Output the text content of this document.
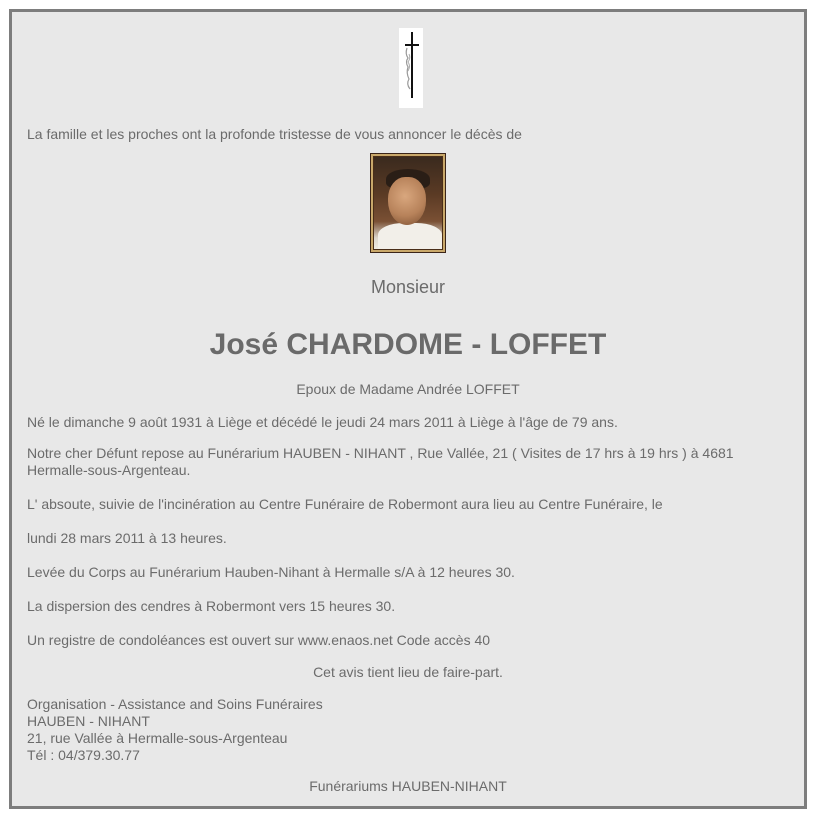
La famille et les proches ont la profonde tristesse de vous annoncer le décès de
Monsieur
José CHARDOME - LOFFET
Epoux de Madame Andrée LOFFET
Né le dimanche 9 août 1931 à Liège et décédé le jeudi 24 mars 2011 à Liège à l'âge de 79 ans.
Notre cher Défunt repose au Funérarium HAUBEN - NIHANT , Rue Vallée, 21 ( Visites de 17 hrs à 19 hrs ) à 4681
Hermalle-sous-Argenteau.
L' absoute, suivie de l'incinération au Centre Funéraire de Robermont aura lieu au Centre Funéraire, le
lundi 28 mars 2011 à 13 heures.
Levée du Corps au Funérarium Hauben-Nihant à Hermalle s/A à 12 heures 30.
La dispersion des cendres à Robermont vers 15 heures 30.
Un registre de condoléances est ouvert sur www.enaos.net Code accès 40
Cet avis tient lieu de faire-part.
Organisation - Assistance and Soins Funéraires
HAUBEN - NIHANT
21, rue Vallée à Hermalle-sous-Argenteau
Tél : 04/379.30.77
Funérariums HAUBEN-NIHANT
